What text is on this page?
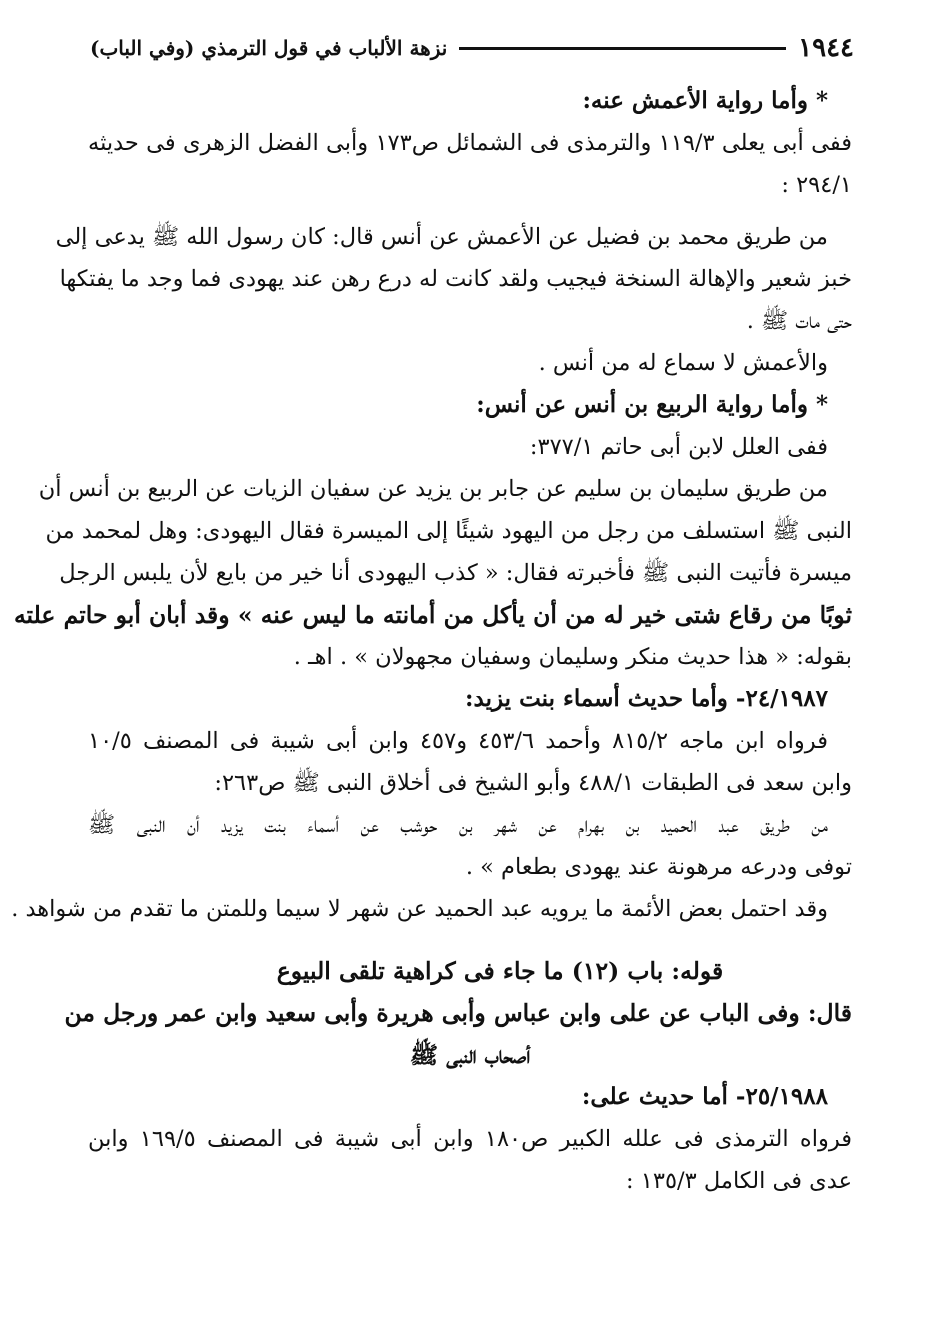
١٩٤٤
نزهة الألباب في قول الترمذي (وفي الباب)
* وأما رواية الأعمش عنه:
ففى أبى يعلى ١١٩/٣ والترمذى فى الشمائل ص١٧٣ وأبى الفضل الزهرى فى حديثه
٢٩٤/١ :
من طريق محمد بن فضيل عن الأعمش عن أنس قال: كان رسول الله ﷺ يدعى إلى
خبز شعير والإهالة السنخة فيجيب ولقد كانت له درع رهن عند يهودى فما وجد ما يفتكها
حتى مات ﷺ .
والأعمش لا سماع له من أنس .
* وأما رواية الربيع بن أنس عن أنس:
ففى العلل لابن أبى حاتم ٣٧٧/١:
من طريق سليمان بن سليم عن جابر بن يزيد عن سفيان الزيات عن الربيع بن أنس أن
النبى ﷺ استسلف من رجل من اليهود شيئًا إلى الميسرة فقال اليهودى: وهل لمحمد من
ميسرة فأتيت النبى ﷺ فأخبرته فقال: « كذب اليهودى أنا خير من بايع لأن يلبس الرجل
ثوبًا من رقاع شتى خير له من أن يأكل من أمانته ما ليس عنه » وقد أبان أبو حاتم علته
بقوله: « هذا حديث منكر وسليمان وسفيان مجهولان » . اهـ .
٢٤/١٩٨٧- وأما حديث أسماء بنت يزيد:
فرواه ابن ماجه ٨١٥/٢ وأحمد ٤٥٣/٦ و٤٥٧ وابن أبى شيبة فى المصنف ١٠/٥
وابن سعد فى الطبقات ٤٨٨/١ وأبو الشيخ فى أخلاق النبى ﷺ ص٢٦٣:
من طريق عبد الحميد بن بهرام عن شهر بن حوشب عن أسماء بنت يزيد أن النبى ﷺ
توفى ودرعه مرهونة عند يهودى بطعام » .
وقد احتمل بعض الأئمة ما يرويه عبد الحميد عن شهر لا سيما وللمتن ما تقدم من شواهد .
قوله: باب (١٢) ما جاء فى كراهية تلقى البيوع
قال: وفى الباب عن على وابن عباس وأبى هريرة وأبى سعيد وابن عمر ورجل من
أصحاب النبى ﷺ
٢٥/١٩٨٨- أما حديث على:
فرواه الترمذى فى علله الكبير ص١٨٠ وابن أبى شيبة فى المصنف ١٦٩/٥ وابن
عدى فى الكامل ١٣٥/٣ :
